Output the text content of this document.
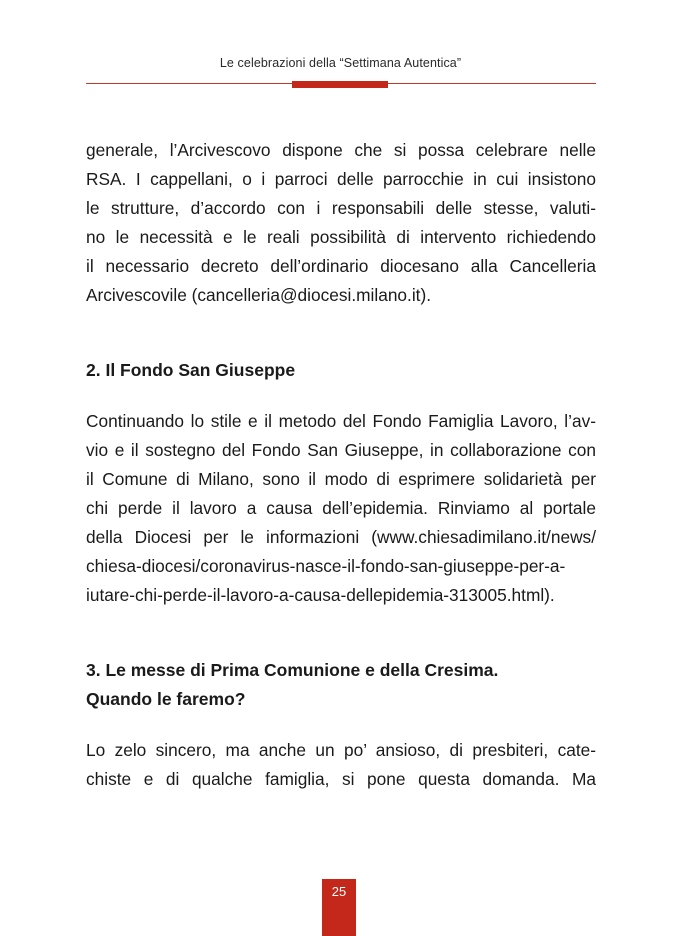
Le celebrazioni della “Settimana Autentica”

generale, l’Arcivescovo dispone che si possa celebrare nelle
RSA. I cappellani, o i parroci delle parrocchie in cui insistono
le strutture, d’accordo con i responsabili delle stesse, valuti-
no le necessità e le reali possibilità di intervento richiedendo
il necessario decreto dell’ordinario diocesano alla Cancelleria
Arcivescovile (cancelleria@diocesi.milano.it).

2. Il Fondo San Giuseppe

Continuando lo stile e il metodo del Fondo Famiglia Lavoro, l’av-
vio e il sostegno del Fondo San Giuseppe, in collaborazione con
il Comune di Milano, sono il modo di esprimere solidarietà per
chi perde il lavoro a causa dell’epidemia. Rinviamo al portale
della Diocesi per le informazioni (www.chiesadimilano.it/news/
chiesa-diocesi/coronavirus-nasce-il-fondo-san-giuseppe-per-a-
iutare-chi-perde-il-lavoro-a-causa-dellepidemia-313005.html).

3. Le messe di Prima Comunione e della Cresima.
Quando le faremo?

Lo zelo sincero, ma anche un po’ ansioso, di presbiteri, cate-
chiste e di qualche famiglia, si pone questa domanda. Ma

25
